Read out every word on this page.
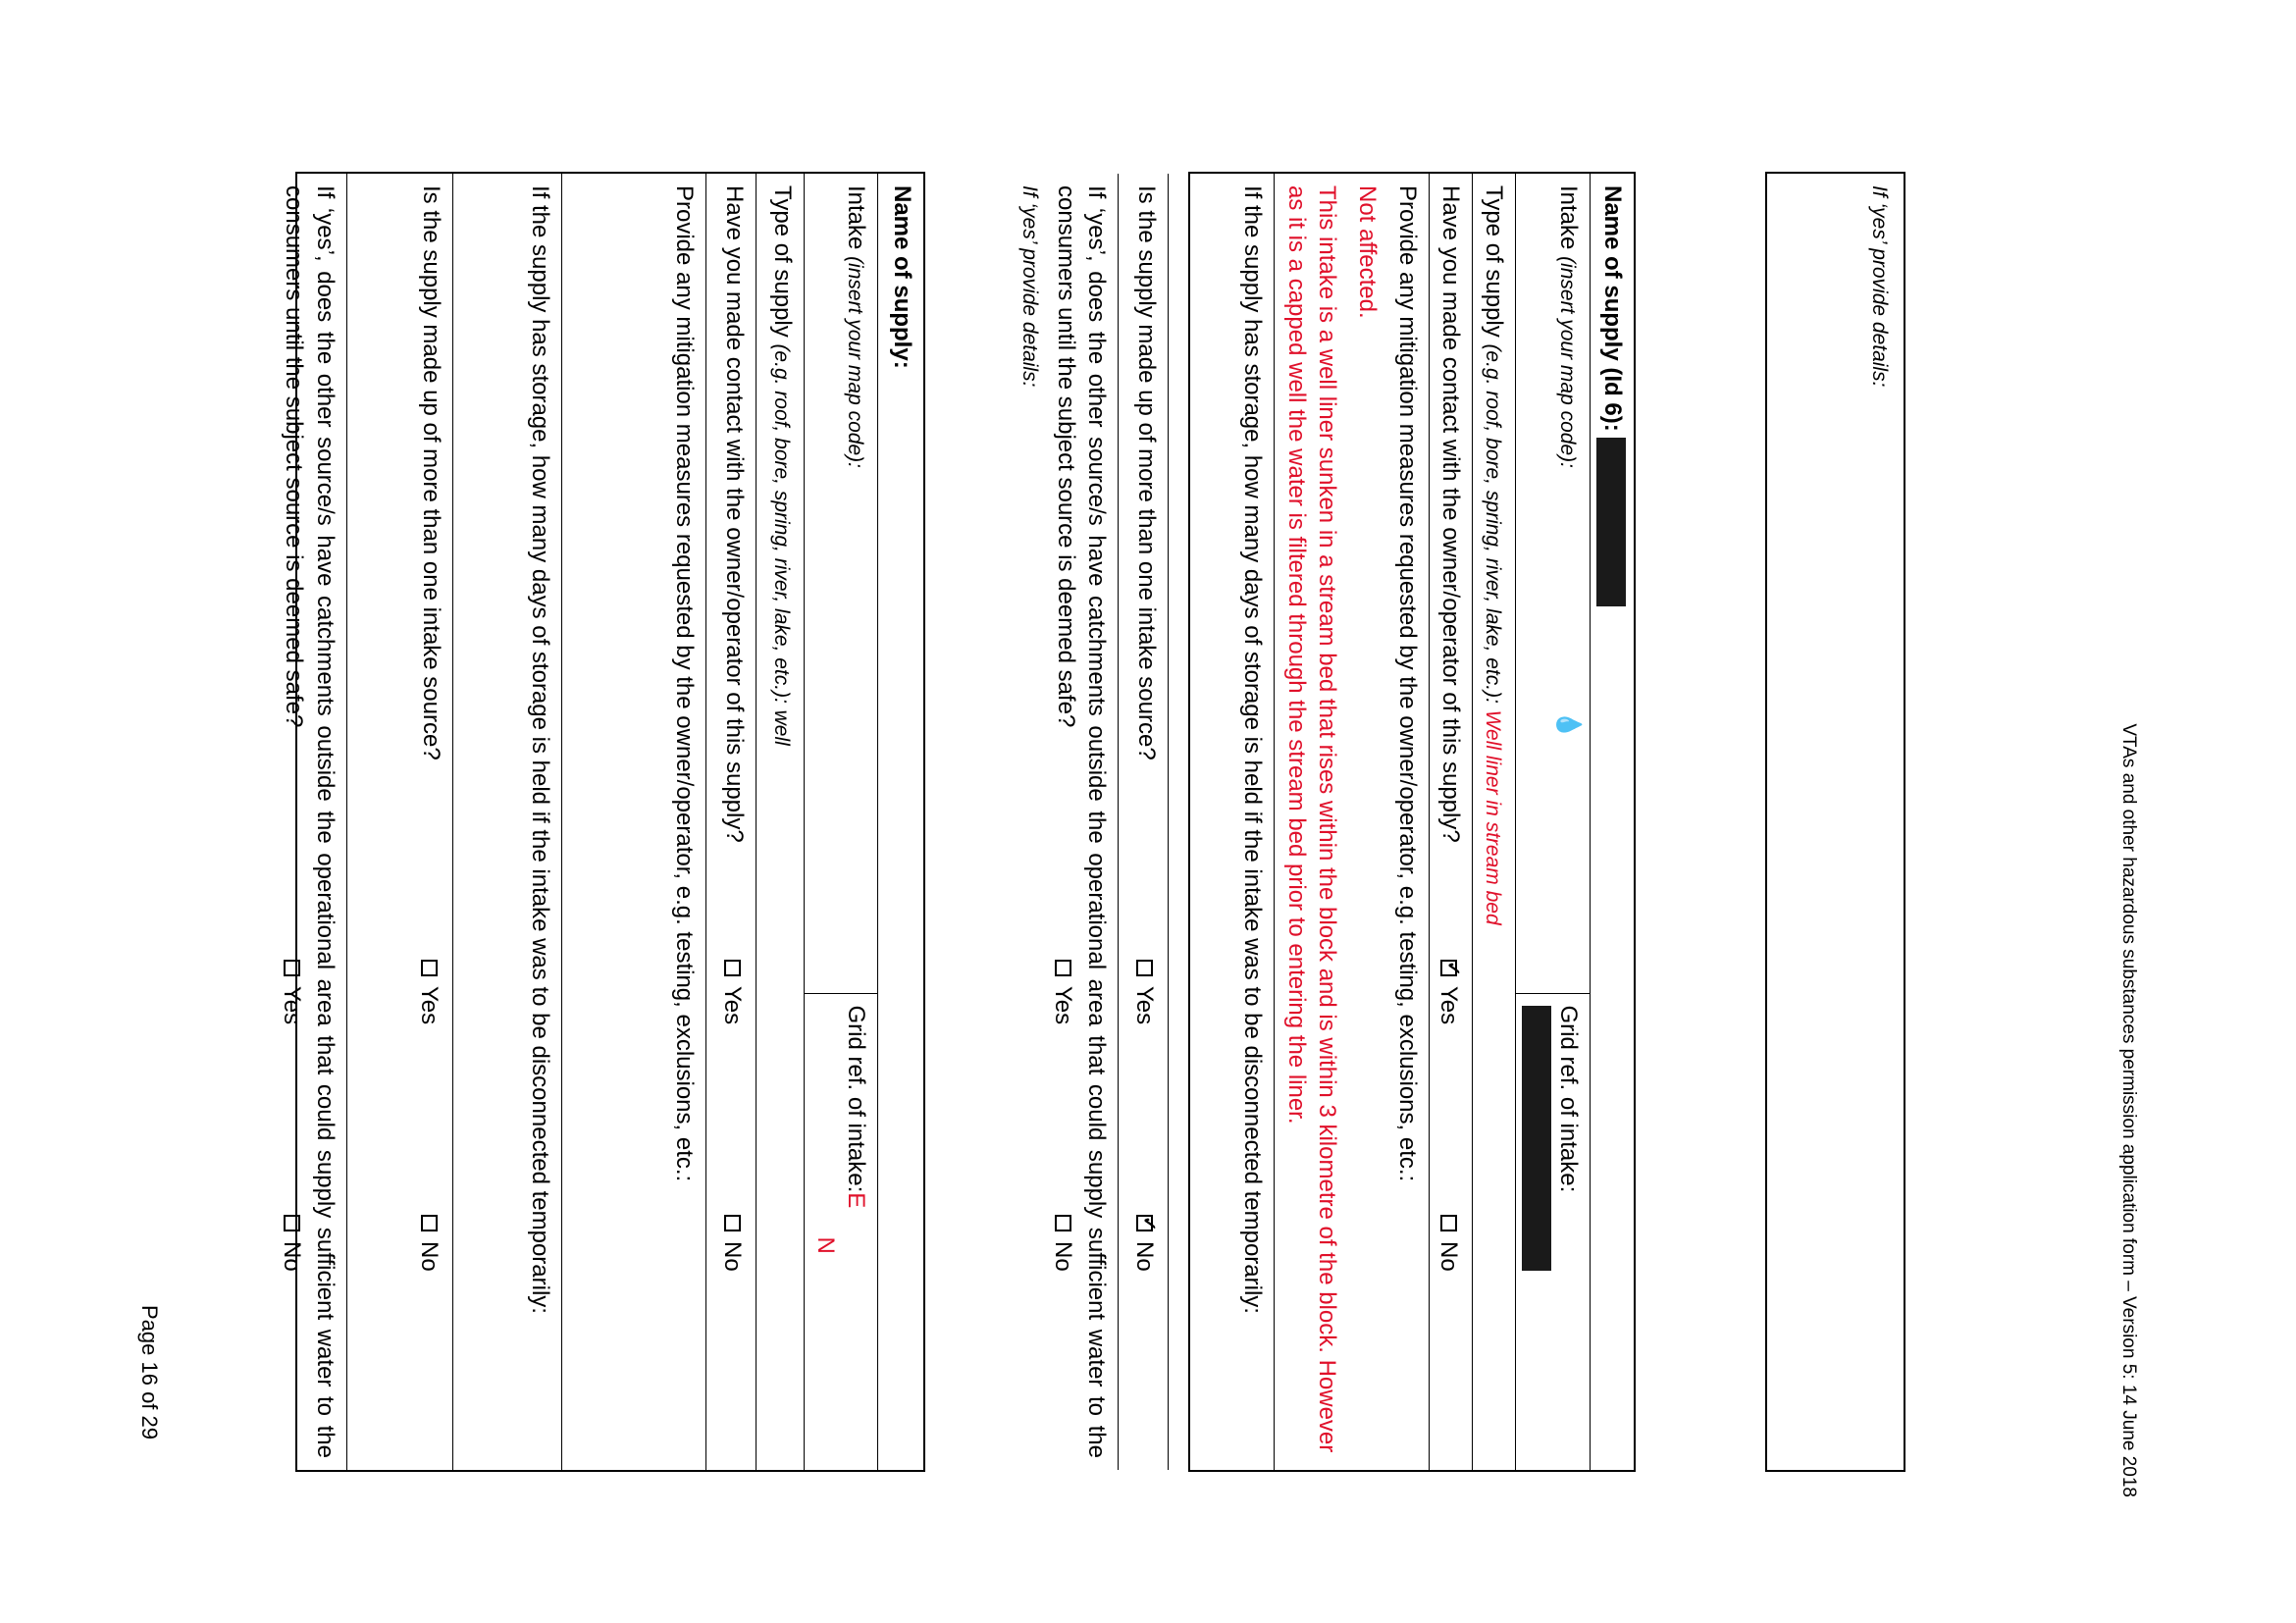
VTAs and other hazardous substances permission application form – Version 5: 14 June 2018
If ‘yes’ provide details:
Name of supply (Id 6):
Intake (insert your map code): 💧	Grid ref. of intake:
Type of supply (e.g. roof, bore, spring, river, lake, etc.): Well liner in stream bed
Have you made contact with the owner/operator of this supply?
✓Yes
No

Provide any mitigation measures requested by the owner/operator, e.g. testing, exclusions, etc.:
Not affected.
This intake is a well liner sunken in a stream bed that rises within the block and is within 3 kilometre of the block. However as it is a capped well the water is filtered through the stream bed prior to entering the liner.

If the supply has storage, how many days of storage is held if the intake was to be disconnected temporarily:
Is the supply made up of more than one intake source?
Yes
✓No

If ‘yes’, does the other source/s have catchments outside the operational area that could supply sufficient water to the consumers until the subject source is deemed safe?
Yes
No
If ‘yes’ provide details:
Name of supply:
Intake (insert your map code):	Grid ref. of intake:E N
Type of supply (e.g. roof, bore, spring, river, lake, etc.): well
Have you made contact with the owner/operator of this supply?
Yes
No

Provide any mitigation measures requested by the owner/operator, e.g. testing, exclusions, etc.:
If the supply has storage, how many days of storage is held if the intake was to be disconnected temporarily:
Is the supply made up of more than one intake source?
Yes
No

If ‘yes’, does the other source/s have catchments outside the operational area that could supply sufficient water to the consumers until the subject source is deemed safe?
Yes
No
Page 16 of 29
